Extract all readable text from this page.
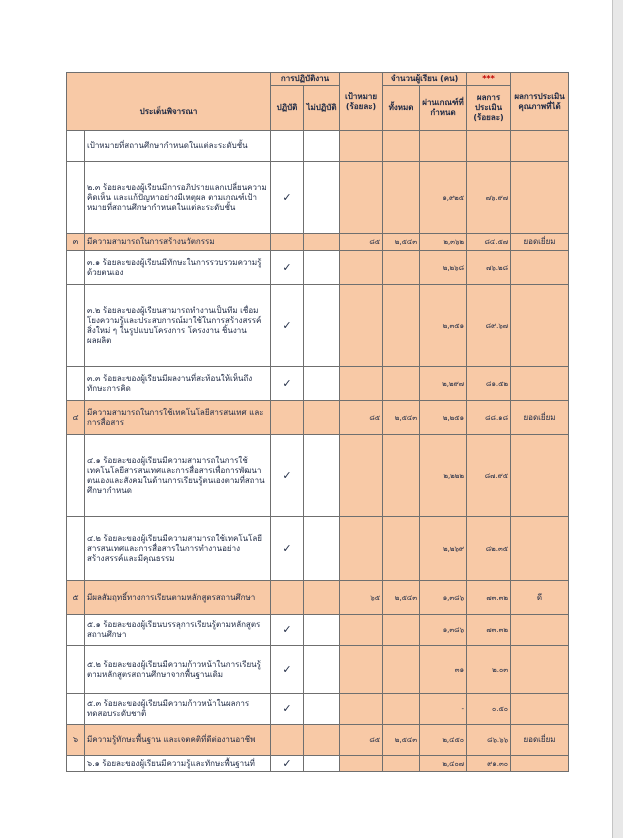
ประเด็นพิจารณา		การปฏิบัติงาน		เป้าหมาย (ร้อยละ)	จำนวนผู้เรียน (คน)		***	ผลการประเมินคุณภาพที่ได้
		ปฏิบัติ	ไม่ปฏิบัติ		ทั้งหมด	ผ่านเกณฑ์ที่กำหนด	ผลการประเมิน (ร้อยละ)	
	เป้าหมายที่สถานศึกษากำหนดในแต่ละระดับชั้น							
	๒.๓ ร้อยละของผู้เรียนมีการอภิปรายแลกเปลี่ยนความคิดเห็น และแก้ปัญหาอย่างมีเหตุผล ตามเกณฑ์เป้าหมายที่สถานศึกษากำหนดในแต่ละระดับชั้น	✓				๑,๙๒๕	๗๖.๙๗	
๓	มีความสามารถในการสร้างนวัตกรรม			๘๕	๒,๕๔๓	๒,๓๖๒	๘๔.๕๗	ยอดเยี่ยม
	๓.๑ ร้อยละของผู้เรียนมีทักษะในการรวบรวมความรู้ด้วยตนเอง	✓				๒,๒๖๘	๗๖.๒๘	
	๓.๒ ร้อยละของผู้เรียนสามารถทำงานเป็นทีม เชื่อมโยงความรู้และประสบการณ์มาใช้ในการสร้างสรรค์สิ่งใหม่ ๆ ในรูปแบบโครงการ โครงงาน ชิ้นงาน ผลผลิต	✓				๒,๓๕๑	๘๙.๖๗	
	๓.๓ ร้อยละของผู้เรียนมีผลงานที่สะท้อนให้เห็นถึงทักษะการคิด	✓				๒,๒๙๗	๘๑.๕๒	
๔	มีความสามารถในการใช้เทคโนโลยีสารสนเทศ และการสื่อสาร			๘๕	๒,๕๔๓	๒,๒๕๑	๘๘.๑๘	ยอดเยี่ยม
	๔.๑ ร้อยละของผู้เรียนมีความสามารถในการใช้เทคโนโลยีสารสนเทศและการสื่อสารเพื่อการพัฒนาตนเองและสังคมในด้านการเรียนรู้ตนเองตามที่สถานศึกษากำหนด	✓				๒,๒๒๒	๘๗.๙๕	
	๔.๒ ร้อยละของผู้เรียนมีความสามารถใช้เทคโนโลยีสารสนเทศและการสื่อสารในการทำงานอย่างสร้างสรรค์และมีคุณธรรม	✓				๒,๒๖๙	๘๒.๓๕	
๕	มีผลสัมฤทธิ์ทางการเรียนตามหลักสูตรสถานศึกษา			๖๕	๒,๕๔๓	๑,๓๘๖	๗๓.๓๒	ดี
	๕.๑ ร้อยละของผู้เรียนบรรลุการเรียนรู้ตามหลักสูตรสถานศึกษา	✓				๑,๓๘๖	๗๓.๓๒	
	๕.๒ ร้อยละของผู้เรียนมีความก้าวหน้าในการเรียนรู้ตามหลักสูตรสถานศึกษาจากพื้นฐานเดิม	✓				๓๑	๒.๐๓	
	๕.๓ ร้อยละของผู้เรียนมีความก้าวหน้าในผลการทดสอบระดับชาติ	✓				-	๐.๕๐	
๖	มีความรู้ทักษะพื้นฐาน และเจตคติที่ดีต่องานอาชีพ			๘๕	๒,๕๔๓	๒,๔๕๐	๘๖.๖๖	ยอดเยี่ยม
	๖.๑ ร้อยละของผู้เรียนมีความรู้และทักษะพื้นฐานที่	✓				๒,๔๐๗	๙๑.๓๐	
